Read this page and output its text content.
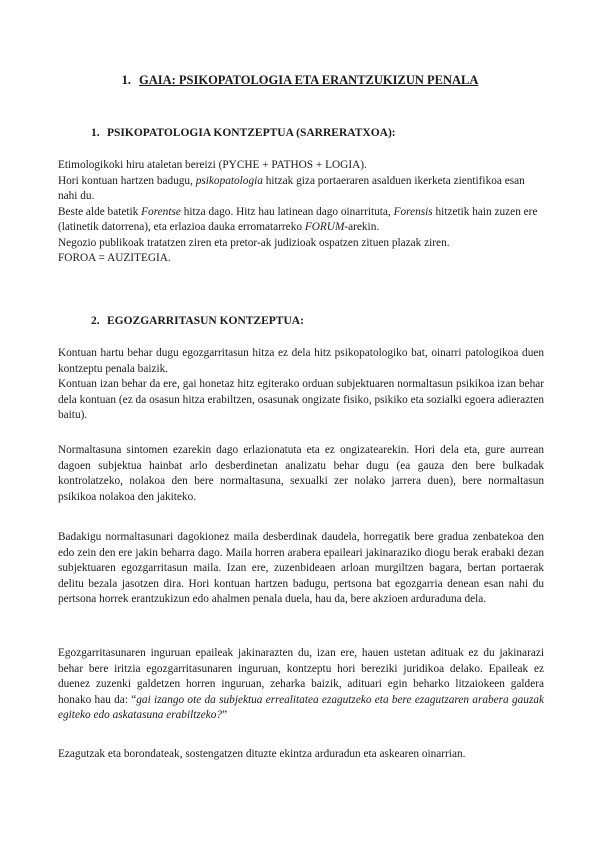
1. GAIA: PSIKOPATOLOGIA ETA ERANTZUKIZUN PENALA
1. PSIKOPATOLOGIA KONTZEPTUA (SARRERATXOA):

Etimologikoki hiru ataletan bereizi (PYCHE + PATHOS + LOGIA).

Hori kontuan hartzen badugu, psikopatologia hitzak giza portaeraren asalduen ikerketa zientifikoa esan nahi du.

Beste alde batetik Forentse hitza dago. Hitz hau latinean dago oinarrituta, Forensis hitzetik hain zuzen ere (latinetik datorrena), eta erlazioa dauka erromatarreko FORUM-arekin.

Negozio publikoak tratatzen ziren eta pretor-ak judizioak ospatzen zituen plazak ziren.

FOROA = AUZITEGIA.

2. EGOZGARRITASUN KONTZEPTUA:

Kontuan hartu behar dugu egozgarritasun hitza ez dela hitz psikopatologiko bat, oinarri patologikoa duen kontzeptu penala baizik.

Kontuan izan behar da ere, gai honetaz hitz egiterako orduan subjektuaren normaltasun psikikoa izan behar dela kontuan (ez da osasun hitza erabiltzen, osasunak ongizate fisiko, psikiko eta sozialki egoera adierazten baitu).

Normaltasuna sintomen ezarekin dago erlazionatuta eta ez ongizatearekin. Hori dela eta, gure aurrean dagoen subjektua hainbat arlo desberdinetan analizatu behar dugu (ea gauza den bere bulkadak kontrolatzeko, nolakoa den bere normaltasuna, sexualki zer nolako jarrera duen), bere normaltasun psikikoa nolakoa den jakiteko.

Badakigu normaltasunari dagokionez maila desberdinak daudela, horregatik bere gradua zenbatekoa den edo zein den ere jakin beharra dago. Maila horren arabera epaileari jakinaraziko diogu berak erabaki dezan subjektuaren egozgarritasun maila. Izan ere, zuzenbideaen arloan murgiltzen bagara, bertan portaerak delitu bezala jasotzen dira. Hori kontuan hartzen badugu, pertsona bat egozgarria denean esan nahi du pertsona horrek erantzukizun edo ahalmen penala duela, hau da, bere akzioen arduraduna dela.

Egozgarritasunaren inguruan epaileak jakinarazten du, izan ere, hauen ustetan adituak ez du jakinarazi behar bere iritzia egozgarritasunaren inguruan, kontzeptu hori bereziki juridikoa delako. Epaileak ez duenez zuzenki galdetzen horren inguruan, zeharka baizik, adituari egin beharko litzaiokeen galdera honako hau da: “gai izango ote da subjektua errealitatea ezagutzeko eta bere ezagutzaren arabera gauzak egiteko edo askatasuna erabiltzeko?”

Ezagutzak eta borondateak, sostengatzen dituzte ekintza arduradun eta askearen oinarrian.
